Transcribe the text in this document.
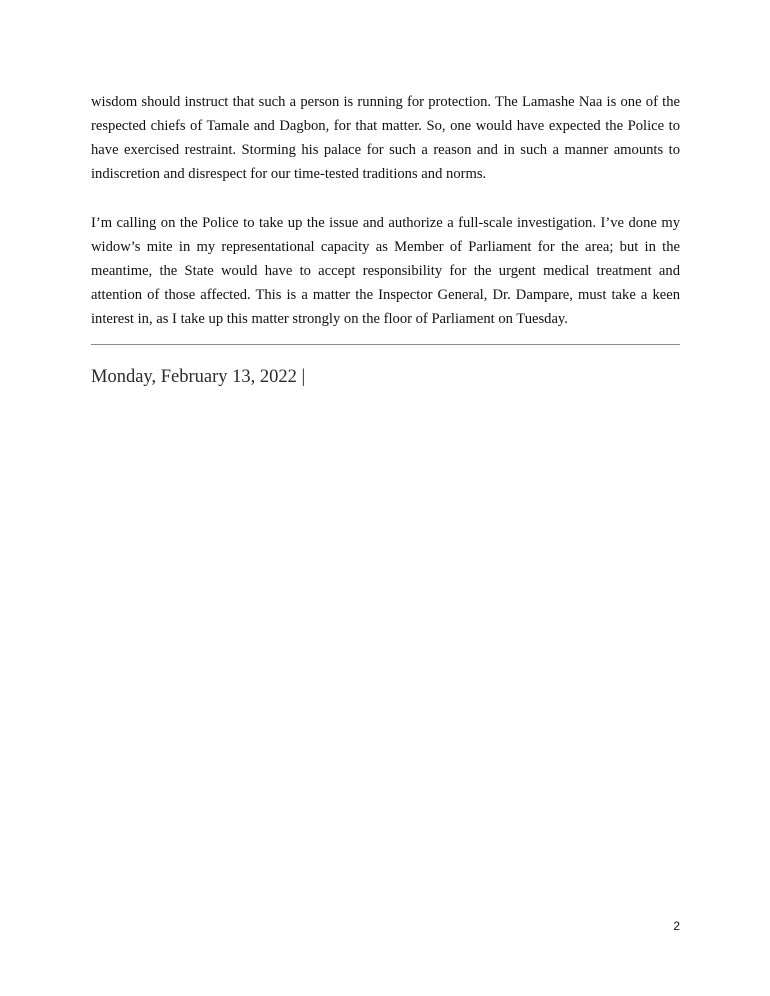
wisdom should instruct that such a person is running for protection. The Lamashe Naa is one of the respected chiefs of Tamale and Dagbon, for that matter. So, one would have expected the Police to have exercised restraint. Storming his palace for such a reason and in such a manner amounts to indiscretion and disrespect for our time-tested traditions and norms.

I’m calling on the Police to take up the issue and authorize a full-scale investigation. I’ve done my widow’s mite in my representational capacity as Member of Parliament for the area; but in the meantime, the State would have to accept responsibility for the urgent medical treatment and attention of those affected. This is a matter the Inspector General, Dr. Dampare, must take a keen interest in, as I take up this matter strongly on the floor of Parliament on Tuesday.

Monday, February 13, 2022 |

2
